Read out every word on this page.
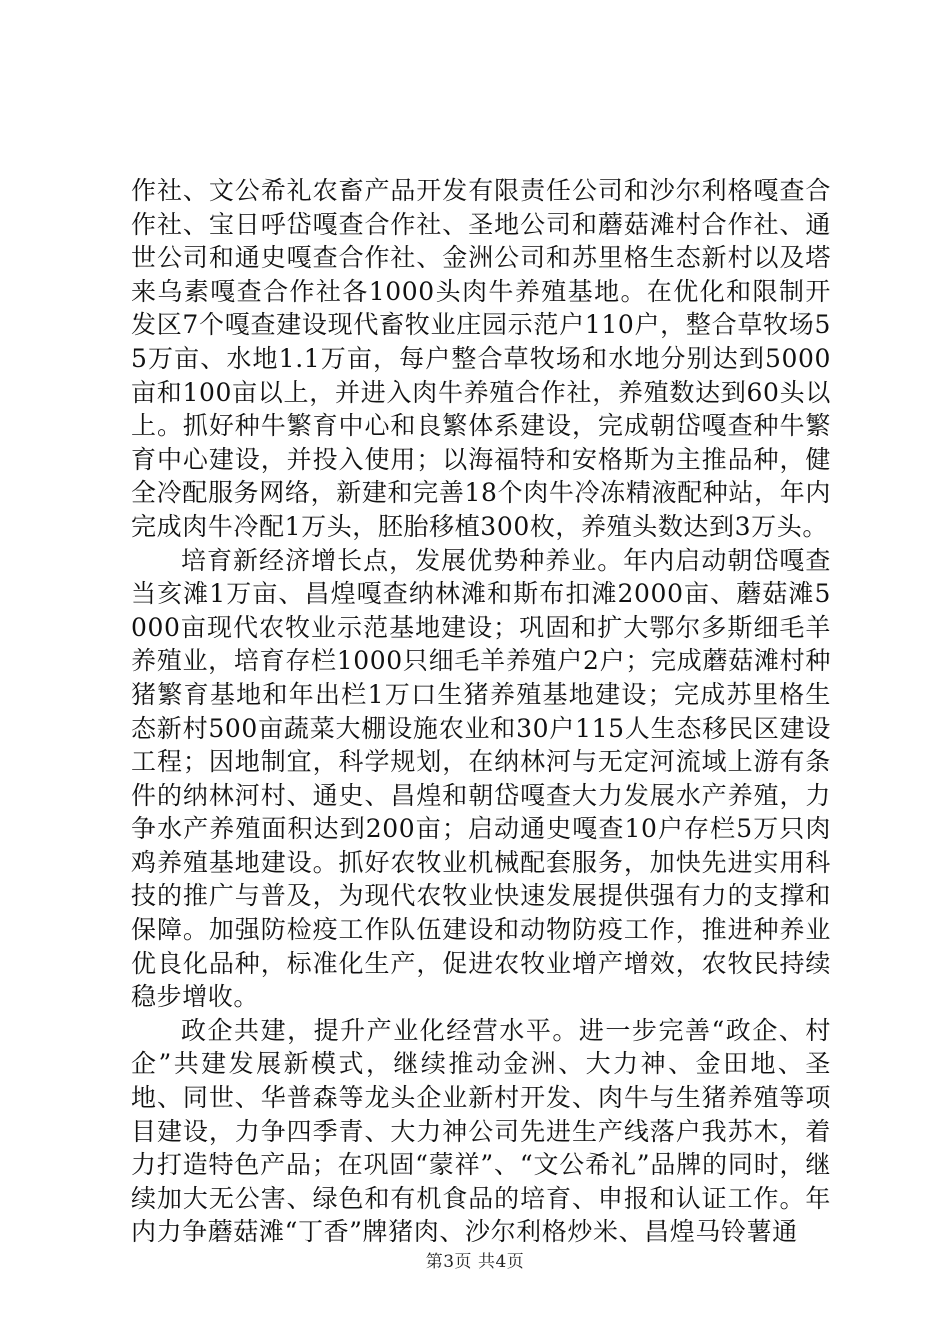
作社、文公希礼农畜产品开发有限责任公司和沙尔利格嘎查合作社、宝日呼岱嘎查合作社、圣地公司和蘑菇滩村合作社、通世公司和通史嘎查合作社、金洲公司和苏里格生态新村以及塔来乌素嘎查合作社各1000头肉牛养殖基地。在优化和限制开发区7个嘎查建设现代畜牧业庄园示范户110户，整合草牧场55万亩、水地1.1万亩，每户整合草牧场和水地分别达到5000亩和100亩以上，并进入肉牛养殖合作社，养殖数达到60头以上。抓好种牛繁育中心和良繁体系建设，完成朝岱嘎查种牛繁育中心建设，并投入使用；以海福特和安格斯为主推品种，健全冷配服务网络，新建和完善18个肉牛冷冻精液配种站，年内完成肉牛冷配1万头，胚胎移植300枚，养殖头数达到3万头。

培育新经济增长点，发展优势种养业。年内启动朝岱嘎查当亥滩1万亩、昌煌嘎查纳林滩和斯布扣滩2000亩、蘑菇滩5000亩现代农牧业示范基地建设；巩固和扩大鄂尔多斯细毛羊养殖业，培育存栏1000只细毛羊养殖户2户；完成蘑菇滩村种猪繁育基地和年出栏1万口生猪养殖基地建设；完成苏里格生态新村500亩蔬菜大棚设施农业和30户115人生态移民区建设工程；因地制宜，科学规划，在纳林河与无定河流域上游有条件的纳林河村、通史、昌煌和朝岱嘎查大力发展水产养殖，力争水产养殖面积达到200亩；启动通史嘎查10户存栏5万只肉鸡养殖基地建设。抓好农牧业机械配套服务，加快先进实用科技的推广与普及，为现代农牧业快速发展提供强有力的支撑和保障。加强防检疫工作队伍建设和动物防疫工作，推进种养业优良化品种，标准化生产，促进农牧业增产增效，农牧民持续稳步增收。

政企共建，提升产业化经营水平。进一步完善“政企、村企”共建发展新模式，继续推动金洲、大力神、金田地、圣地、同世、华普森等龙头企业新村开发、肉牛与生猪养殖等项目建设，力争四季青、大力神公司先进生产线落户我苏木，着力打造特色产品；在巩固“蒙祥”、“文公希礼”品牌的同时，继续加大无公害、绿色和有机食品的培育、申报和认证工作。年内力争蘑菇滩“丁香”牌猪肉、沙尔利格炒米、昌煌马铃薯通

第3页 共4页
